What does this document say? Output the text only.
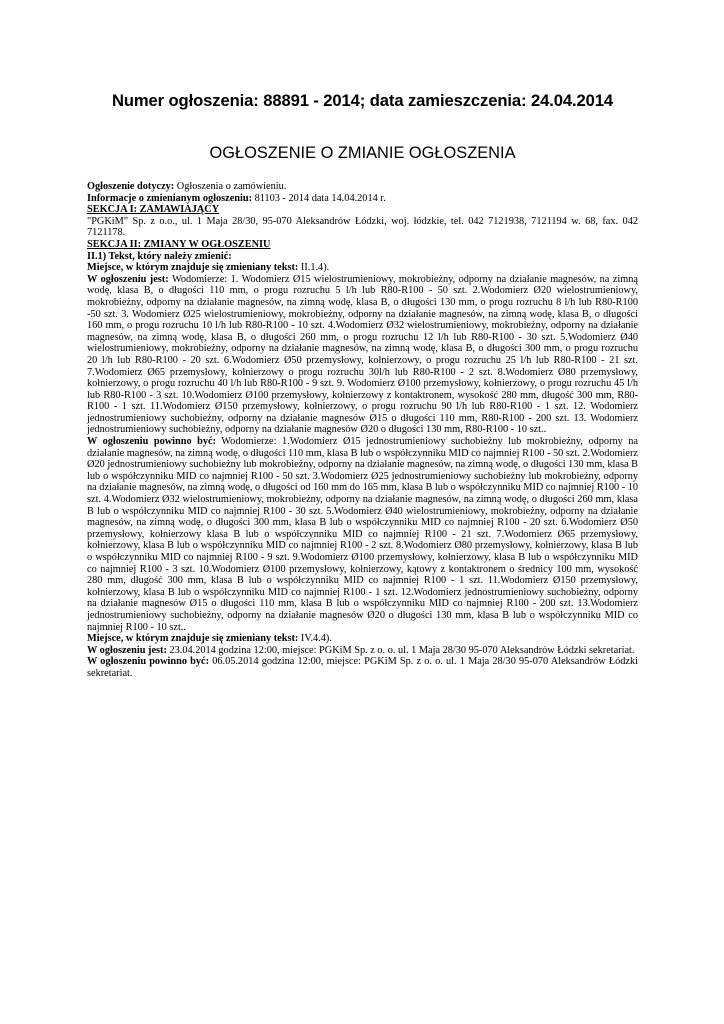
Numer ogłoszenia: 88891 - 2014; data zamieszczenia: 24.04.2014
OGŁOSZENIE O ZMIANIE OGŁOSZENIA

Ogłoszenie dotyczy: Ogłoszenia o zamówieniu.

Informacje o zmienianym ogłoszeniu: 81103 - 2014 data 14.04.2014 r.

SEKCJA I: ZAMAWIAJĄCY

"PGKiM" Sp. z o.o., ul. 1 Maja 28/30, 95-070 Aleksandrów Łódzki, woj. łódzkie, tel. 042 7121938, 7121194 w. 68, fax. 042 7121178.

SEKCJA II: ZMIANY W OGŁOSZENIU

II.1) Tekst, który należy zmienić:

Miejsce, w którym znajduje się zmieniany tekst: II.1.4).

W ogłoszeniu jest: Wodomierze: 1. Wodomierz Ø15 wielostrumieniowy, mokrobieżny, odporny na działanie magnesów, na zimną wodę, klasa B, o długości 110 mm, o progu rozruchu 5 l/h lub R80-R100 - 50 szt. 2.Wodomierz Ø20 wielostrumieniowy, mokrobieżny, odporny na działanie magnesów, na zimną wodę, klasa B, o długości 130 mm, o progu rozruchu 8 l/h lub R80-R100 -50 szt. 3. Wodomierz Ø25 wielostrumieniowy, mokrobieżny, odporny na działanie magnesów, na zimną wodę, klasa B, o długości 160 mm, o progu rozruchu 10 l/h lub R80-R100 - 10 szt. 4.Wodomierz Ø32 wielostrumieniowy, mokrobieżny, odporny na działanie magnesów, na zimną wodę, klasa B, o długości 260 mm, o progu rozruchu 12 l/h lub R80-R100 - 30 szt. 5.Wodomierz Ø40 wielostrumieniowy, mokrobieżny, odporny na działanie magnesów, na zimną wodę, klasa B, o długości 300 mm, o progu rozruchu 20 l/h lub R80-R100 - 20 szt. 6.Wodomierz Ø50 przemysłowy, kołnierzowy, o progu rozruchu 25 l/h lub R80-R100 - 21 szt. 7.Wodomierz Ø65 przemysłowy, kołnierzowy o progu rozruchu 30l/h lub R80-R100 - 2 szt. 8.Wodomierz Ø80 przemysłowy, kołnierzowy, o progu rozruchu 40 l/h lub R80-R100 - 9 szt. 9. Wodomierz Ø100 przemysłowy, kołnierzowy, o progu rozruchu 45 l/h lub R80-R100 - 3 szt. 10.Wodomierz Ø100 przemysłowy, kołnierzowy z kontaktronem, wysokość 280 mm, długość 300 mm, R80-R100 - 1 szt. 11.Wodomierz Ø150 przemysłowy, kołnierzowy, o progu rozruchu 90 l/h lub R80-R100 - 1 szt. 12. Wodomierz jednostrumieniowy suchobieżny, odporny na działanie magnesów Ø15 o długości 110 mm, R80-R100 - 200 szt. 13. Wodomierz jednostrumieniowy suchobieżny, odporny na działanie magnesów Ø20 o długości 130 mm, R80-R100 - 10 szt..

W ogłoszeniu powinno być: Wodomierze: 1.Wodomierz Ø15 jednostrumieniowy suchobieżny lub mokrobieżny, odporny na działanie magnesów, na zimną wodę, o długości 110 mm, klasa B lub o współczynniku MID co najmniej R100 - 50 szt. 2.Wodomierz Ø20 jednostrumieniowy suchobieżny lub mokrobieżny, odporny na działanie magnesów, na zimną wodę, o długości 130 mm, klasa B lub o współczynniku MID co najmniej R100 - 50 szt. 3.Wodomierz Ø25 jednostrumieniowy suchobieżny lub mokrobieżny, odporny na działanie magnesów, na zimną wodę, o długości od 160 mm do 165 mm, klasa B lub o współczynniku MID co najmniej R100 - 10 szt. 4.Wodomierz Ø32 wielostrumieniowy, mokrobieżny, odporny na działanie magnesów, na zimną wodę, o długości 260 mm, klasa B lub o współczynniku MID co najmniej R100 - 30 szt. 5.Wodomierz Ø40 wielostrumieniowy, mokrobieżny, odporny na działanie magnesów, na zimną wodę, o długości 300 mm, klasa B lub o współczynniku MID co najmniej R100 - 20 szt. 6.Wodomierz Ø50 przemysłowy, kołnierzowy klasa B lub o współczynniku MID co najmniej R100 - 21 szt. 7.Wodomierz Ø65 przemysłowy, kołnierzowy, klasa B lub o współczynniku MID co najmniej R100 - 2 szt. 8.Wodomierz Ø80 przemysłowy, kołnierzowy, klasa B lub o współczynniku MID co najmniej R100 - 9 szt. 9.Wodomierz Ø100 przemysłowy, kołnierzowy, klasa B lub o współczynniku MID co najmniej R100 - 3 szt. 10.Wodomierz Ø100 przemysłowy, kołnierzowy, kątowy z kontaktronem o średnicy 100 mm, wysokość 280 mm, długość 300 mm, klasa B lub o współczynniku MID co najmniej R100 - 1 szt. 11.Wodomierz Ø150 przemysłowy, kołnierzowy, klasa B lub o współczynniku MID co najmniej R100 - 1 szt. 12.Wodomierz jednostrumieniowy suchobieżny, odporny na działanie magnesów Ø15 o długości 110 mm, klasa B lub o współczynniku MID co najmniej R100 - 200 szt. 13.Wodomierz jednostrumieniowy suchobieżny, odporny na działanie magnesów Ø20 o długości 130 mm, klasa B lub o współczynniku MID co najmniej R100 - 10 szt..

Miejsce, w którym znajduje się zmieniany tekst: IV.4.4).

W ogłoszeniu jest: 23.04.2014 godzina 12:00, miejsce: PGKiM Sp. z o. o. ul. 1 Maja 28/30 95-070 Aleksandrów Łódzki sekretariat.

W ogłoszeniu powinno być: 06.05.2014 godzina 12:00, miejsce: PGKiM Sp. z o. o. ul. 1 Maja 28/30 95-070 Aleksandrów Łódzki sekretariat.
